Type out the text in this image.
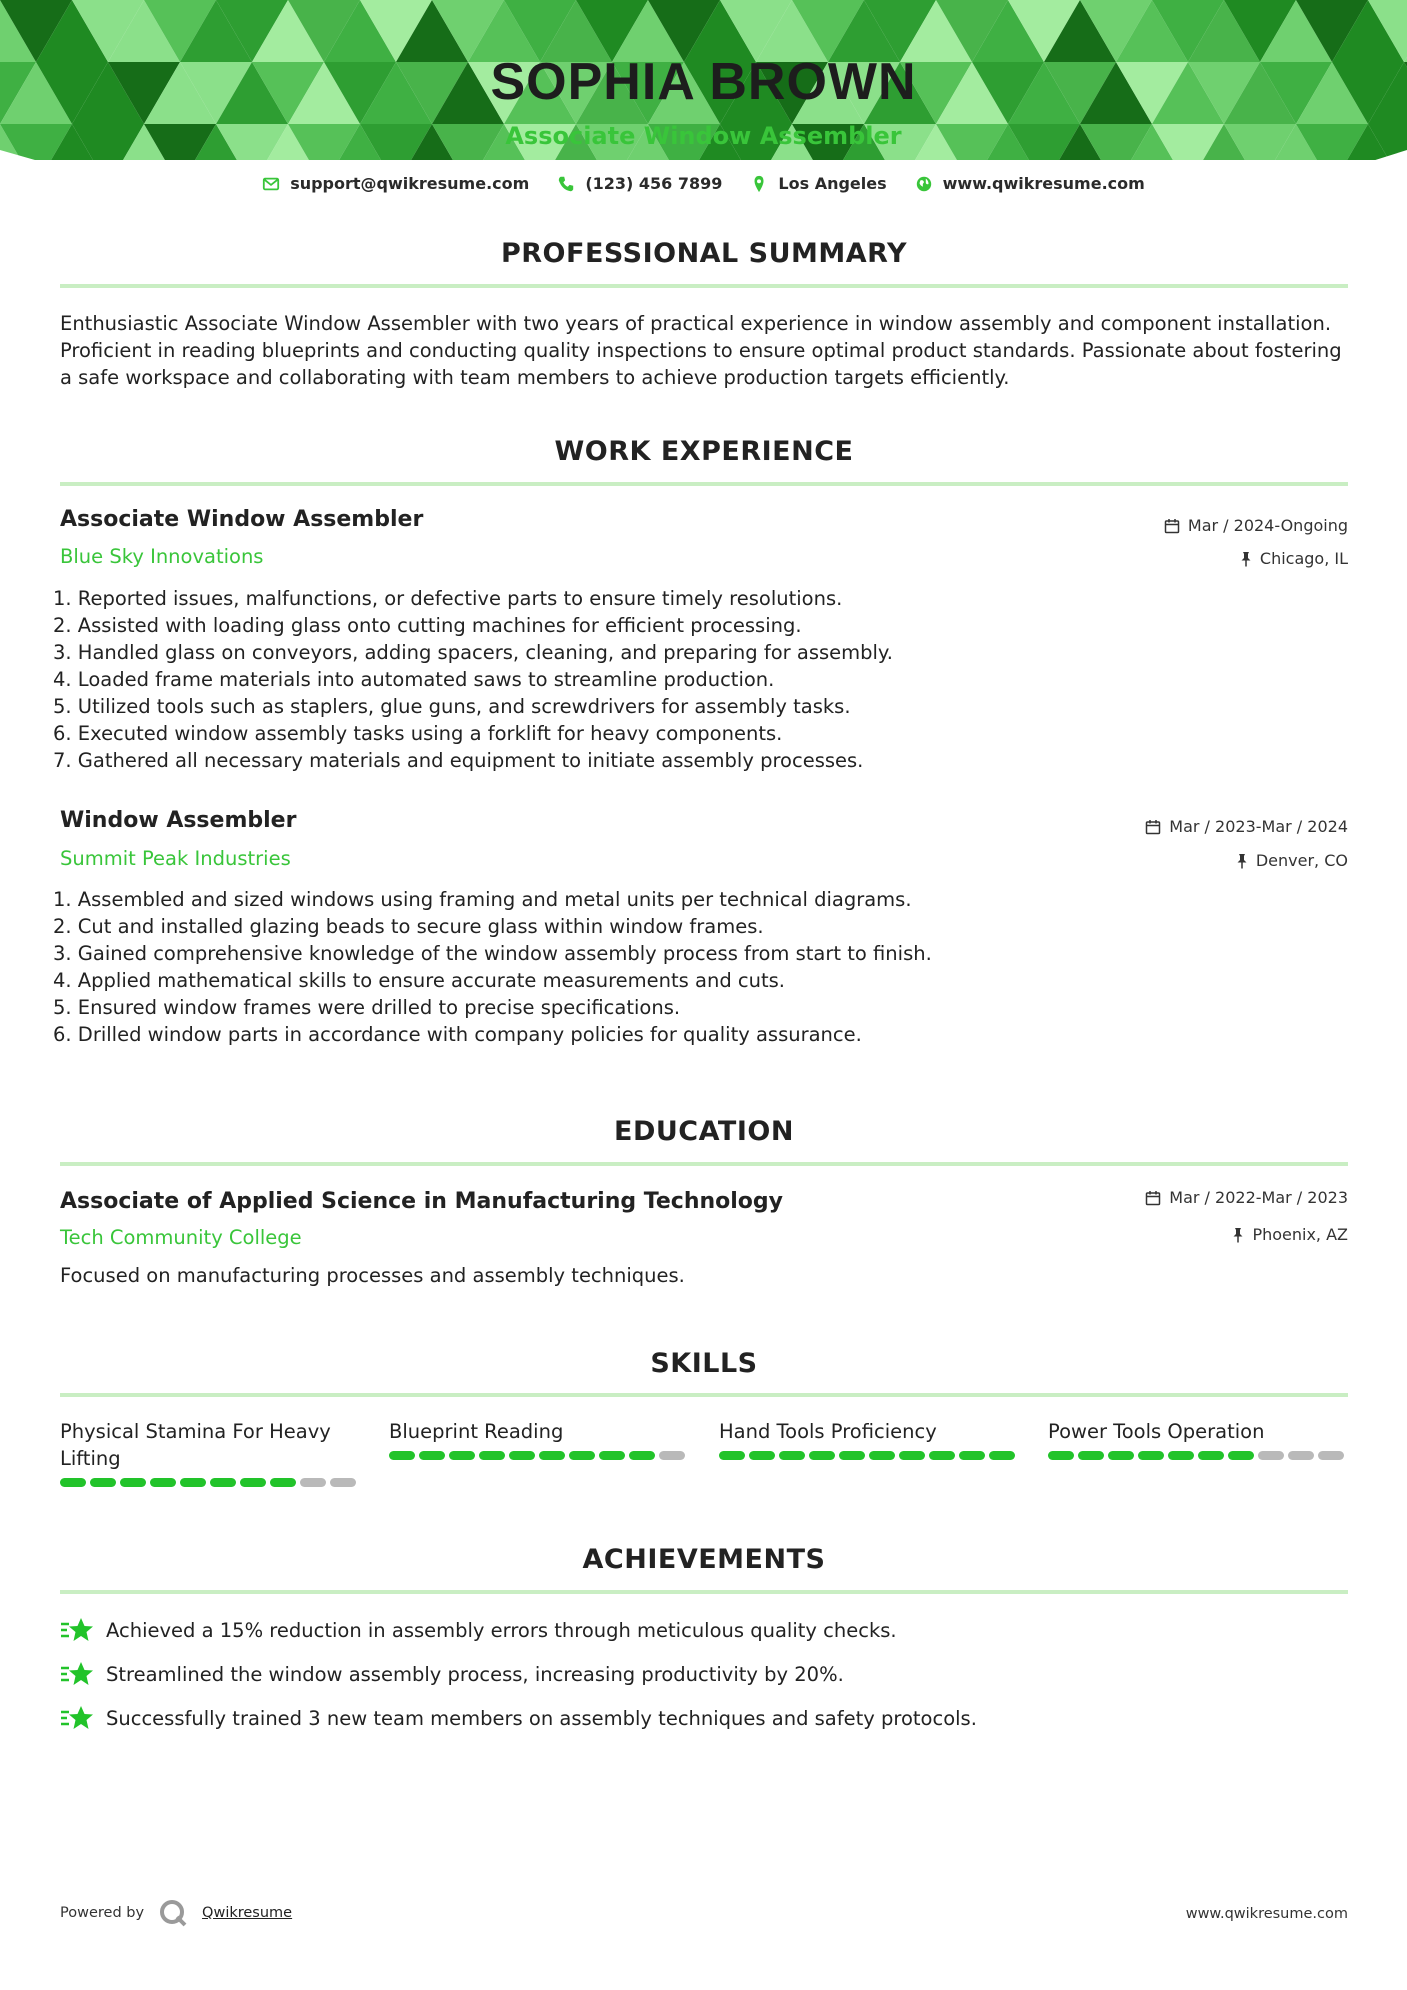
SOPHIA BROWN
Associate Window Assembler
support@qwikresume.com	(123) 456 7899	Los Angeles	www.qwikresume.com
PROFESSIONAL SUMMARY
Enthusiastic Associate Window Assembler with two years of practical experience in window assembly and component installation. Proficient in reading blueprints and conducting quality inspections to ensure optimal product standards. Passionate about fostering a safe workspace and collaborating with team members to achieve production targets efficiently.
WORK EXPERIENCE
Associate Window Assembler	Mar / 2024-Ongoing
Blue Sky Innovations	Chicago, IL
1. Reported issues, malfunctions, or defective parts to ensure timely resolutions.
2. Assisted with loading glass onto cutting machines for efficient processing.
3. Handled glass on conveyors, adding spacers, cleaning, and preparing for assembly.
4. Loaded frame materials into automated saws to streamline production.
5. Utilized tools such as staplers, glue guns, and screwdrivers for assembly tasks.
6. Executed window assembly tasks using a forklift for heavy components.
7. Gathered all necessary materials and equipment to initiate assembly processes.
Window Assembler	Mar / 2023-Mar / 2024
Summit Peak Industries	Denver, CO
1. Assembled and sized windows using framing and metal units per technical diagrams.
2. Cut and installed glazing beads to secure glass within window frames.
3. Gained comprehensive knowledge of the window assembly process from start to finish.
4. Applied mathematical skills to ensure accurate measurements and cuts.
5. Ensured window frames were drilled to precise specifications.
6. Drilled window parts in accordance with company policies for quality assurance.
EDUCATION
Associate of Applied Science in Manufacturing Technology	Mar / 2022-Mar / 2023
Tech Community College	Phoenix, AZ
Focused on manufacturing processes and assembly techniques.
SKILLS
Physical Stamina For Heavy Lifting
Blueprint Reading	Hand Tools Proficiency	Power Tools Operation
ACHIEVEMENTS
Achieved a 15% reduction in assembly errors through meticulous quality checks.
Streamlined the window assembly process, increasing productivity by 20%.
Successfully trained 3 new team members on assembly techniques and safety protocols.
Powered by	Qwikresume	www.qwikresume.com
